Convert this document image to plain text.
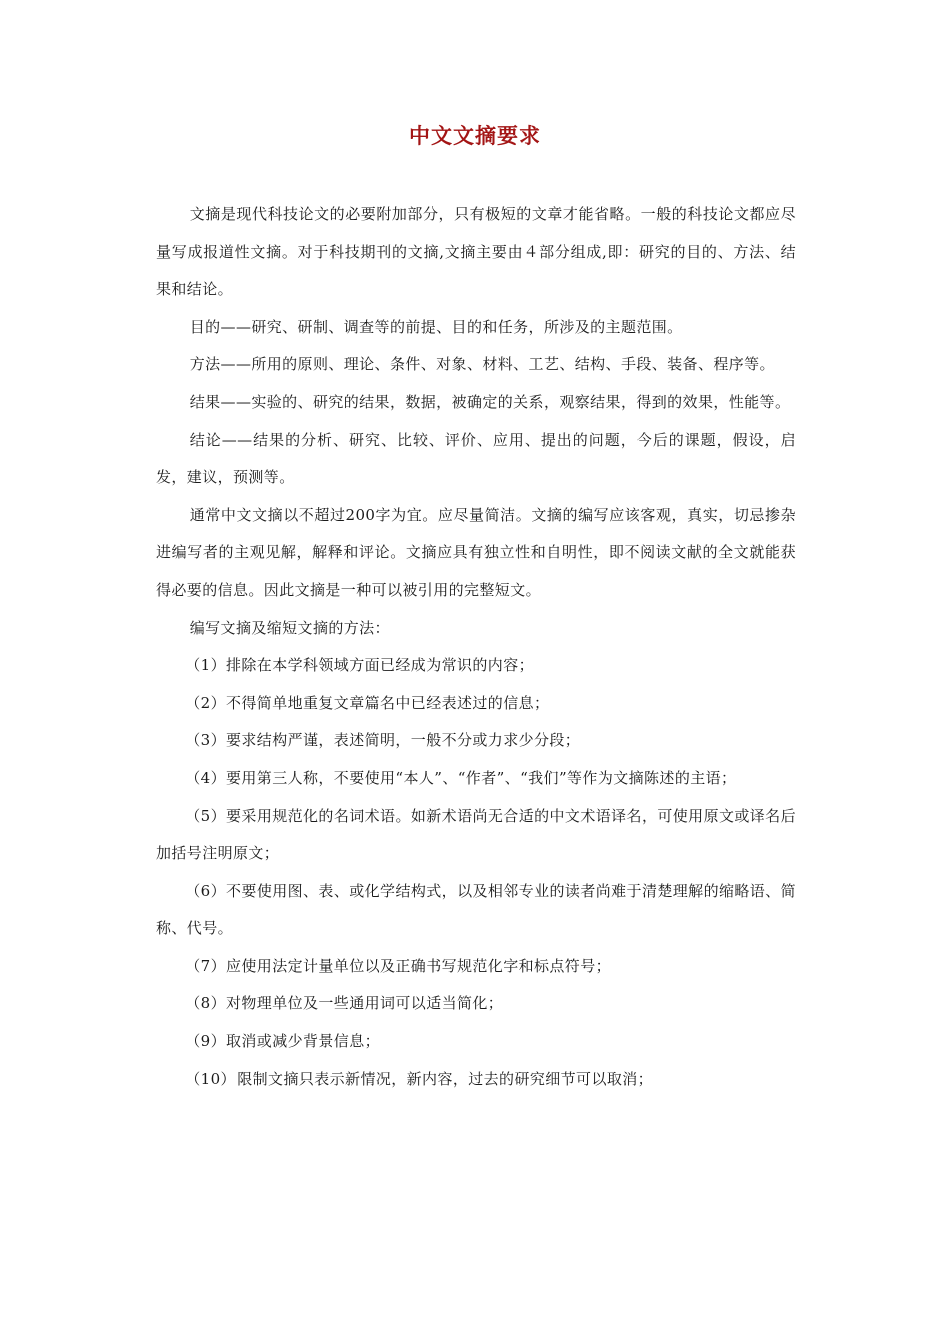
中文文摘要求

文摘是现代科技论文的必要附加部分，只有极短的文章才能省略。一般的科技论文都应尽量写成报道性文摘。对于科技期刊的文摘,文摘主要由４部分组成,即：研究的目的、方法、结果和结论。

目的——研究、研制、调查等的前提、目的和任务，所涉及的主题范围。

方法——所用的原则、理论、条件、对象、材料、工艺、结构、手段、装备、程序等。

结果——实验的、研究的结果，数据，被确定的关系，观察结果，得到的效果，性能等。

结论——结果的分析、研究、比较、评价、应用、提出的问题，今后的课题，假设，启发，建议，预测等。

通常中文文摘以不超过200字为宜。应尽量简洁。文摘的编写应该客观，真实，切忌掺杂进编写者的主观见解，解释和评论。文摘应具有独立性和自明性，即不阅读文献的全文就能获得必要的信息。因此文摘是一种可以被引用的完整短文。

编写文摘及缩短文摘的方法：

（1）排除在本学科领域方面已经成为常识的内容；

（2）不得简单地重复文章篇名中已经表述过的信息；

（3）要求结构严谨，表述简明，一般不分或力求少分段；

（4）要用第三人称，不要使用“本人”、“作者”、“我们”等作为文摘陈述的主语；

（5）要采用规范化的名词术语。如新术语尚无合适的中文术语译名，可使用原文或译名后加括号注明原文；

（6）不要使用图、表、或化学结构式，以及相邻专业的读者尚难于清楚理解的缩略语、简称、代号。

（7）应使用法定计量单位以及正确书写规范化字和标点符号；

（8）对物理单位及一些通用词可以适当简化；

（9）取消或减少背景信息；

（10）限制文摘只表示新情况，新内容，过去的研究细节可以取消；
